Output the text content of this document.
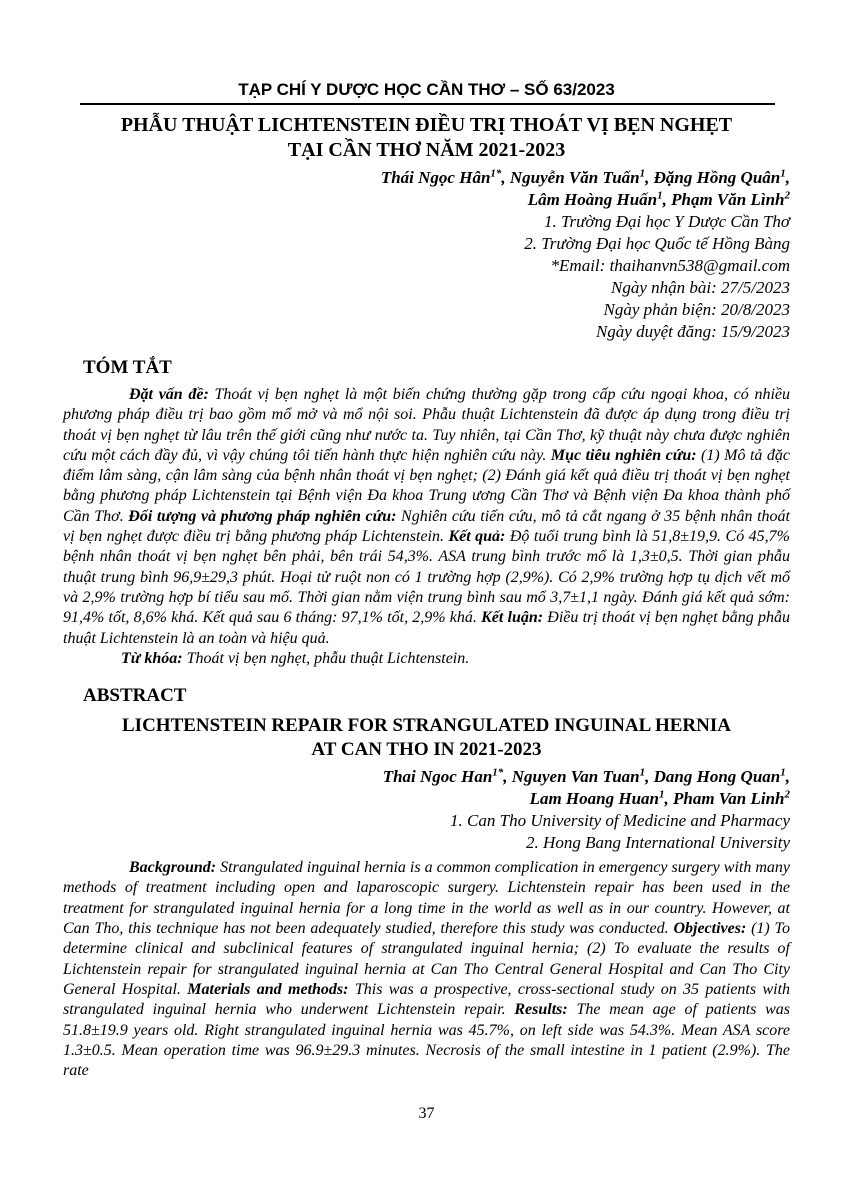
TẠP CHÍ Y DƯỢC HỌC CẦN THƠ – SỐ 63/2023
PHẪU THUẬT LICHTENSTEIN ĐIỀU TRỊ THOÁT VỊ BẸN NGHẸT
TẠI CẦN THƠ NĂM 2021-2023
Thái Ngọc Hân$^{1*}$, Nguyễn Văn Tuấn$^1$, Đặng Hồng Quân$^1$,
Lâm Hoàng Huấn$^1$, Phạm Văn Lình$^2$
1. Trường Đại học Y Dược Cần Thơ
2. Trường Đại học Quốc tế Hồng Bàng
*Email: thaihanvn538@gmail.com
Ngày nhận bài: 27/5/2023
Ngày phản biện: 20/8/2023
Ngày duyệt đăng: 15/9/2023
TÓM TẮT
Đặt vấn đề: Thoát vị bẹn nghẹt là một biến chứng thường gặp trong cấp cứu ngoại khoa, có nhiều phương pháp điều trị bao gồm mổ mở và mổ nội soi. Phẫu thuật Lichtenstein đã được áp dụng trong điều trị thoát vị bẹn nghẹt từ lâu trên thế giới cũng như nước ta. Tuy nhiên, tại Cần Thơ, kỹ thuật này chưa được nghiên cứu một cách đầy đủ, vì vậy chúng tôi tiến hành thực hiện nghiên cứu này. Mục tiêu nghiên cứu: (1) Mô tả đặc điểm lâm sàng, cận lâm sàng của bệnh nhân thoát vị bẹn nghẹt; (2) Đánh giá kết quả điều trị thoát vị bẹn nghẹt bằng phương pháp Lichtenstein tại Bệnh viện Đa khoa Trung ương Cần Thơ và Bệnh viện Đa khoa thành phố Cần Thơ. Đối tượng và phương pháp nghiên cứu: Nghiên cứu tiến cứu, mô tả cắt ngang ở 35 bệnh nhân thoát vị bẹn nghẹt được điều trị bằng phương pháp Lichtenstein. Kết quả: Độ tuổi trung bình là 51,8±19,9. Có 45,7% bệnh nhân thoát vị bẹn nghẹt bên phải, bên trái 54,3%. ASA trung bình trước mổ là 1,3±0,5. Thời gian phẫu thuật trung bình 96,9±29,3 phút. Hoại tử ruột non có 1 trường hợp (2,9%). Có 2,9% trường hợp tụ dịch vết mổ và 2,9% trường hợp bí tiểu sau mổ. Thời gian nằm viện trung bình sau mổ 3,7±1,1 ngày. Đánh giá kết quả sớm: 91,4% tốt, 8,6% khá. Kết quả sau 6 tháng: 97,1% tốt, 2,9% khá. Kết luận: Điều trị thoát vị bẹn nghẹt bằng phẫu thuật Lichtenstein là an toàn và hiệu quả.
Từ khóa: Thoát vị bẹn nghẹt, phẫu thuật Lichtenstein.
ABSTRACT
LICHTENSTEIN REPAIR FOR STRANGULATED INGUINAL HERNIA
AT CAN THO IN 2021-2023
Thai Ngoc Han$^{1*}$, Nguyen Van Tuan$^1$, Dang Hong Quan$^1$,
Lam Hoang Huan$^1$, Pham Van Linh$^2$
1. Can Tho University of Medicine and Pharmacy
2. Hong Bang International University
Background: Strangulated inguinal hernia is a common complication in emergency surgery with many methods of treatment including open and laparoscopic surgery. Lichtenstein repair has been used in the treatment for strangulated inguinal hernia for a long time in the world as well as in our country. However, at Can Tho, this technique has not been adequately studied, therefore this study was conducted. Objectives: (1) To determine clinical and subclinical features of strangulated inguinal hernia; (2) To evaluate the results of Lichtenstein repair for strangulated inguinal hernia at Can Tho Central General Hospital and Can Tho City General Hospital. Materials and methods: This was a prospective, cross-sectional study on 35 patients with strangulated inguinal hernia who underwent Lichtenstein repair. Results: The mean age of patients was 51.8±19.9 years old. Right strangulated inguinal hernia was 45.7%, on left side was 54.3%. Mean ASA score 1.3±0.5. Mean operation time was 96.9±29.3 minutes. Necrosis of the small intestine in 1 patient (2.9%). The rate
37
